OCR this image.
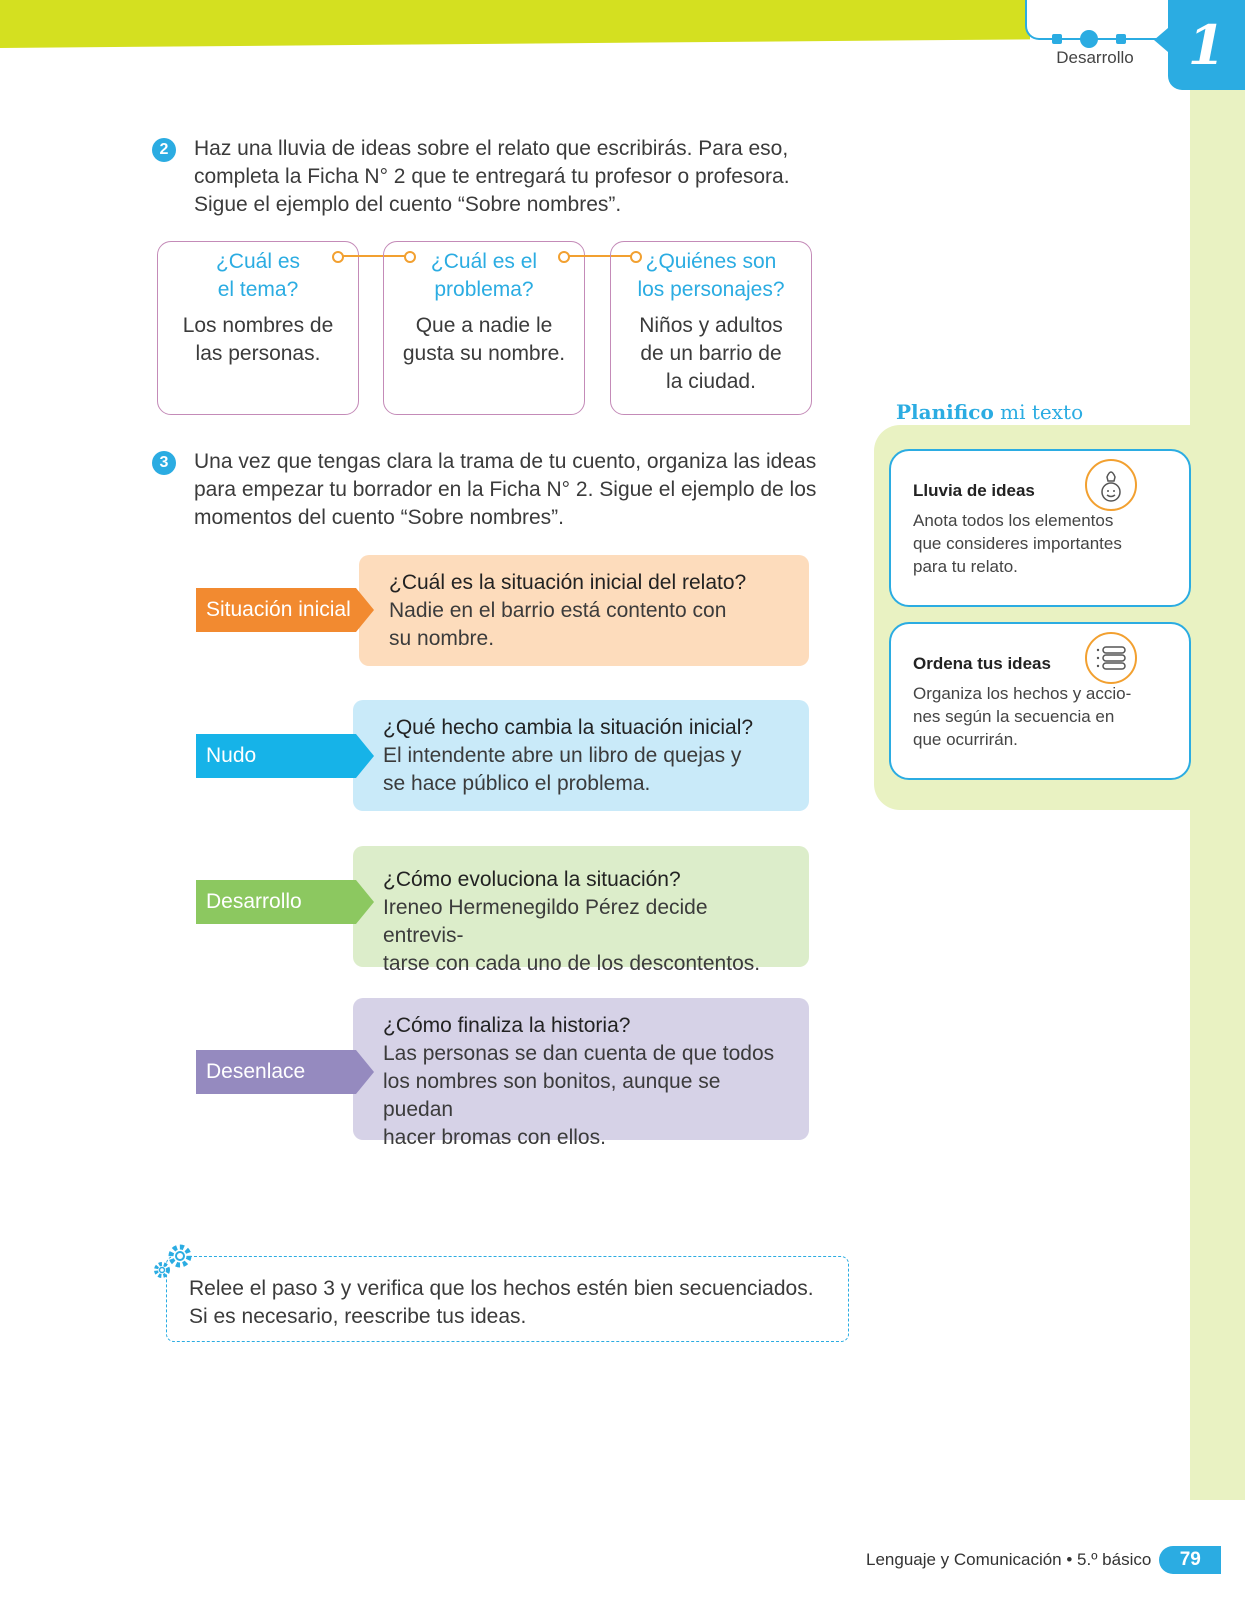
Desarrollo 1
2	Haz una lluvia de ideas sobre el relato que escribirás. Para eso,
completa la Ficha N° 2 que te entregará tu profesor o profesora.
Sigue el ejemplo del cuento “Sobre nombres”.
¿Cuál es
el tema?
Los nombres de
las personas.
¿Cuál es el
problema?
Que a nadie le
gusta su nombre.
¿Quiénes son
los personajes?
Niños y adultos
de un barrio de
la ciudad.
3	Una vez que tengas clara la trama de tu cuento, organiza las ideas
para empezar tu borrador en la Ficha N° 2. Sigue el ejemplo de los
momentos del cuento “Sobre nombres”.
¿Cuál es la situación inicial del relato?
Nadie en el barrio está contento con
su nombre.
Situación inicial
¿Qué hecho cambia la situación inicial?
El intendente abre un libro de quejas y
se hace público el problema.
Nudo
¿Cómo evoluciona la situación?
Ireneo Hermenegildo Pérez decide entrevis-
tarse con cada uno de los descontentos.
Desarrollo
¿Cómo finaliza la historia?
Las personas se dan cuenta de que todos
los nombres son bonitos, aunque se puedan
hacer bromas con ellos.
Desenlace
Planifico mi texto
Lluvia de ideas
Anota todos los elementos
que consideres importantes
para tu relato.
Ordena tus ideas
Organiza los hechos y accio-
nes según la secuencia en
que ocurrirán.
Relee el paso 3 y verifica que los hechos estén bien secuenciados.
Si es necesario, reescribe tus ideas.
Lenguaje y Comunicación
•
5.º básico	79
